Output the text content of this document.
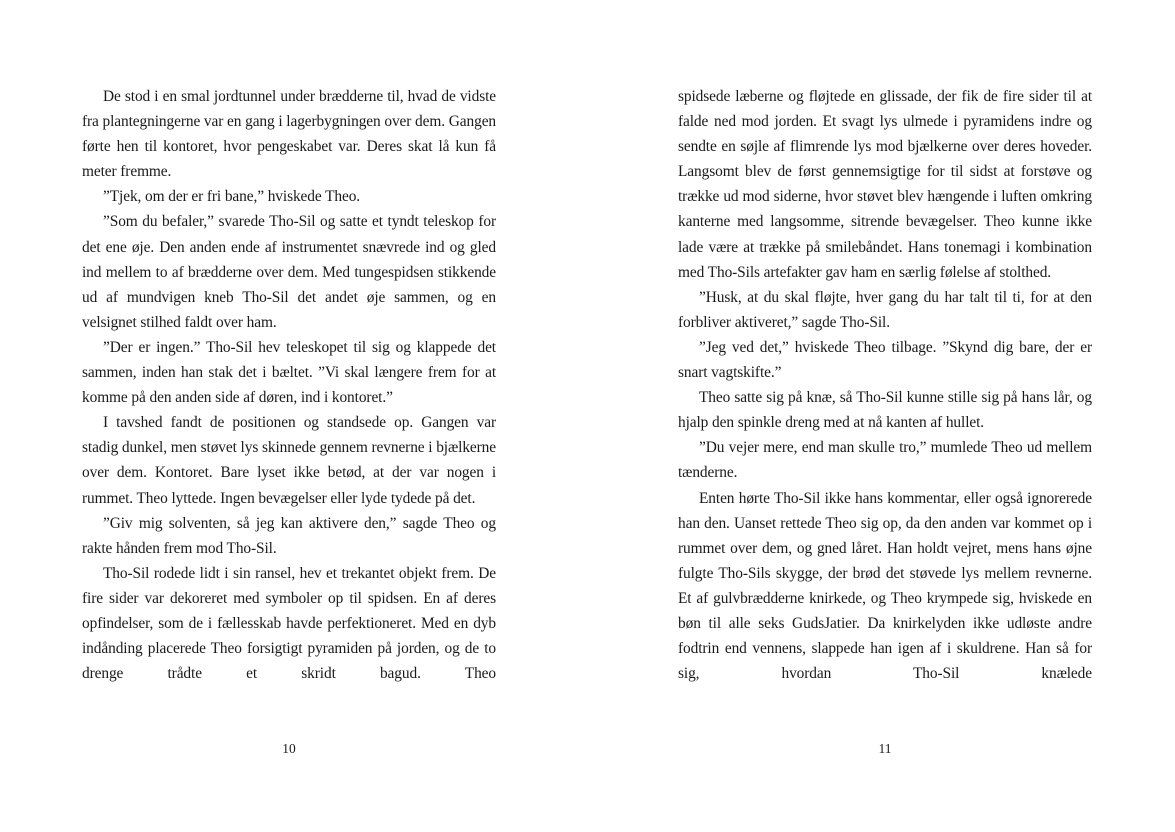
De stod i en smal jordtunnel under brædderne til, hvad de vidste fra plantegningerne var en gang i lagerbygningen over dem. Gangen førte hen til kontoret, hvor pengeskabet var. Deres skat lå kun få meter fremme.

”Tjek, om der er fri bane,” hviskede Theo.

”Som du befaler,” svarede Tho-Sil og satte et tyndt teleskop for det ene øje. Den anden ende af instrumentet snævrede ind og gled ind mellem to af brædderne over dem. Med tungespidsen stikkende ud af mundvigen kneb Tho-Sil det andet øje sammen, og en velsignet stilhed faldt over ham.

”Der er ingen.” Tho-Sil hev teleskopet til sig og klappede det sammen, inden han stak det i bæltet. ”Vi skal længere frem for at komme på den anden side af døren, ind i kontoret.”

I tavshed fandt de positionen og standsede op. Gangen var stadig dunkel, men støvet lys skinnede gennem revnerne i bjælkerne over dem. Kontoret. Bare lyset ikke betød, at der var nogen i rummet. Theo lyttede. Ingen bevægelser eller lyde tydede på det.

”Giv mig solventen, så jeg kan aktivere den,” sagde Theo og rakte hånden frem mod Tho-Sil.

Tho-Sil rodede lidt i sin ransel, hev et trekantet objekt frem. De fire sider var dekoreret med symboler op til spidsen. En af deres opfindelser, som de i fællesskab havde perfektioneret. Med en dyb indånding placerede Theo forsigtigt pyramiden på jorden, og de to drenge trådte et skridt bagud. Theo

10

spidsede læberne og fløjtede en glissade, der fik de fire sider til at falde ned mod jorden. Et svagt lys ulmede i pyramidens indre og sendte en søjle af flimrende lys mod bjælkerne over deres hoveder. Langsomt blev de først gennemsigtige for til sidst at forstøve og trække ud mod siderne, hvor støvet blev hængende i luften omkring kanterne med langsomme, sitrende bevægelser. Theo kunne ikke lade være at trække på smilebåndet. Hans tonemagi i kombination med Tho-Sils artefakter gav ham en særlig følelse af stolthed.

”Husk, at du skal fløjte, hver gang du har talt til ti, for at den forbliver aktiveret,” sagde Tho-Sil.

”Jeg ved det,” hviskede Theo tilbage. ”Skynd dig bare, der er snart vagtskifte.”

Theo satte sig på knæ, så Tho-Sil kunne stille sig på hans lår, og hjalp den spinkle dreng med at nå kanten af hullet.

”Du vejer mere, end man skulle tro,” mumlede Theo ud mellem tænderne.

Enten hørte Tho-Sil ikke hans kommentar, eller også ignorerede han den. Uanset rettede Theo sig op, da den anden var kommet op i rummet over dem, og gned låret. Han holdt vejret, mens hans øjne fulgte Tho-Sils skygge, der brød det støvede lys mellem revnerne. Et af gulvbrædderne knirkede, og Theo krympede sig, hviskede en bøn til alle seks GudsJatier. Da knirkelyden ikke udløste andre fodtrin end vennens, slappede han igen af i skuldrene. Han så for sig, hvordan Tho-Sil knælede

11
